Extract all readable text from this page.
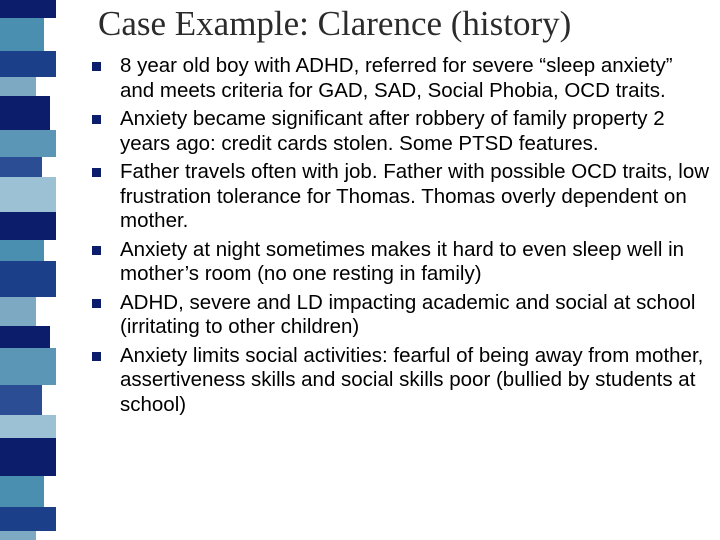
Case Example: Clarence (history)
8 year old boy with ADHD, referred for severe “sleep anxiety” and meets criteria for GAD, SAD, Social Phobia, OCD traits.
Anxiety became significant after robbery of family property 2 years ago: credit cards stolen. Some PTSD features.
Father travels often with job. Father with possible OCD traits, low frustration tolerance for Thomas. Thomas overly dependent on mother.
Anxiety at night sometimes makes it hard to even sleep well in mother’s room (no one resting in family)
ADHD, severe and LD impacting academic and social at school (irritating to other children)
Anxiety limits social activities: fearful of being away from mother, assertiveness skills and social skills poor (bullied by students at school)
